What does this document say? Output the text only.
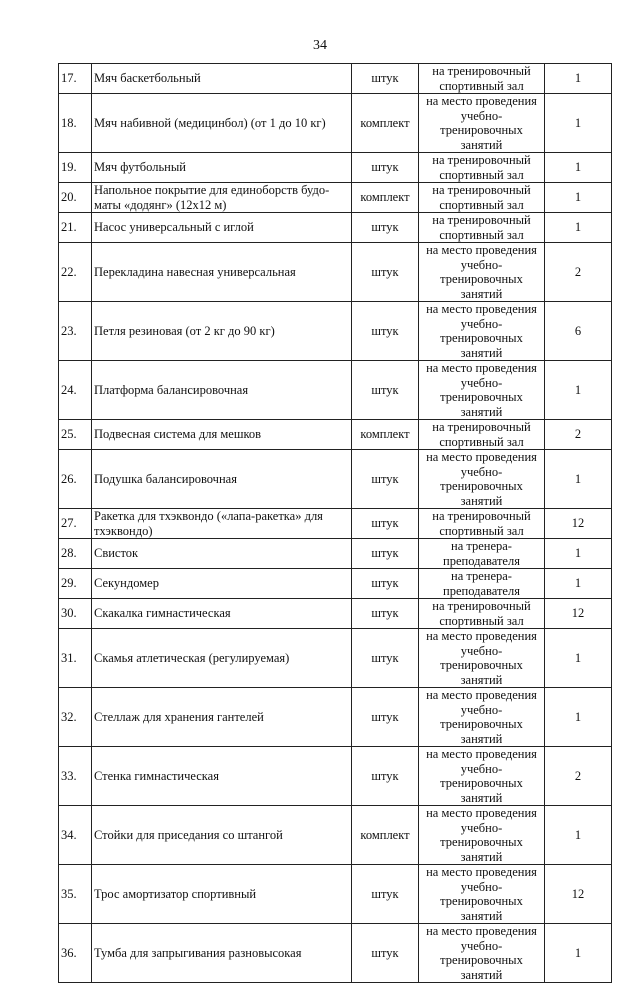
34
17.	Мяч баскетбольный	штук	на тренировочный спортивный зал	1
18.	Мяч набивной (медицинбол) (от 1 до 10 кг)	комплект	на место проведения учебно-тренировочных занятий	1
19.	Мяч футбольный	штук	на тренировочный спортивный зал	1
20.	Напольное покрытие для единоборств будо-маты «додянг» (12х12 м)	комплект	на тренировочный спортивный зал	1
21.	Насос универсальный с иглой	штук	на тренировочный спортивный зал	1
22.	Перекладина навесная универсальная	штук	на место проведения учебно-тренировочных занятий	2
23.	Петля резиновая (от 2 кг до 90 кг)	штук	на место проведения учебно-тренировочных занятий	6
24.	Платформа балансировочная	штук	на место проведения учебно-тренировочных занятий	1
25.	Подвесная система для мешков	комплект	на тренировочный спортивный зал	2
26.	Подушка балансировочная	штук	на место проведения учебно-тренировочных занятий	1
27.	Ракетка для тхэквондо («лапа-ракетка» для тхэквондо)	штук	на тренировочный спортивный зал	12
28.	Свисток	штук	на тренера-преподавателя	1
29.	Секундомер	штук	на тренера-преподавателя	1
30.	Скакалка гимнастическая	штук	на тренировочный спортивный зал	12
31.	Скамья атлетическая (регулируемая)	штук	на место проведения учебно-тренировочных занятий	1
32.	Стеллаж для хранения гантелей	штук	на место проведения учебно-тренировочных занятий	1
33.	Стенка гимнастическая	штук	на место проведения учебно-тренировочных занятий	2
34.	Стойки для приседания со штангой	комплект	на место проведения учебно-тренировочных занятий	1
35.	Трос амортизатор спортивный	штук	на место проведения учебно-тренировочных занятий	12
36.	Тумба для запрыгивания разновысокая	штук	на место проведения учебно-тренировочных занятий	1
